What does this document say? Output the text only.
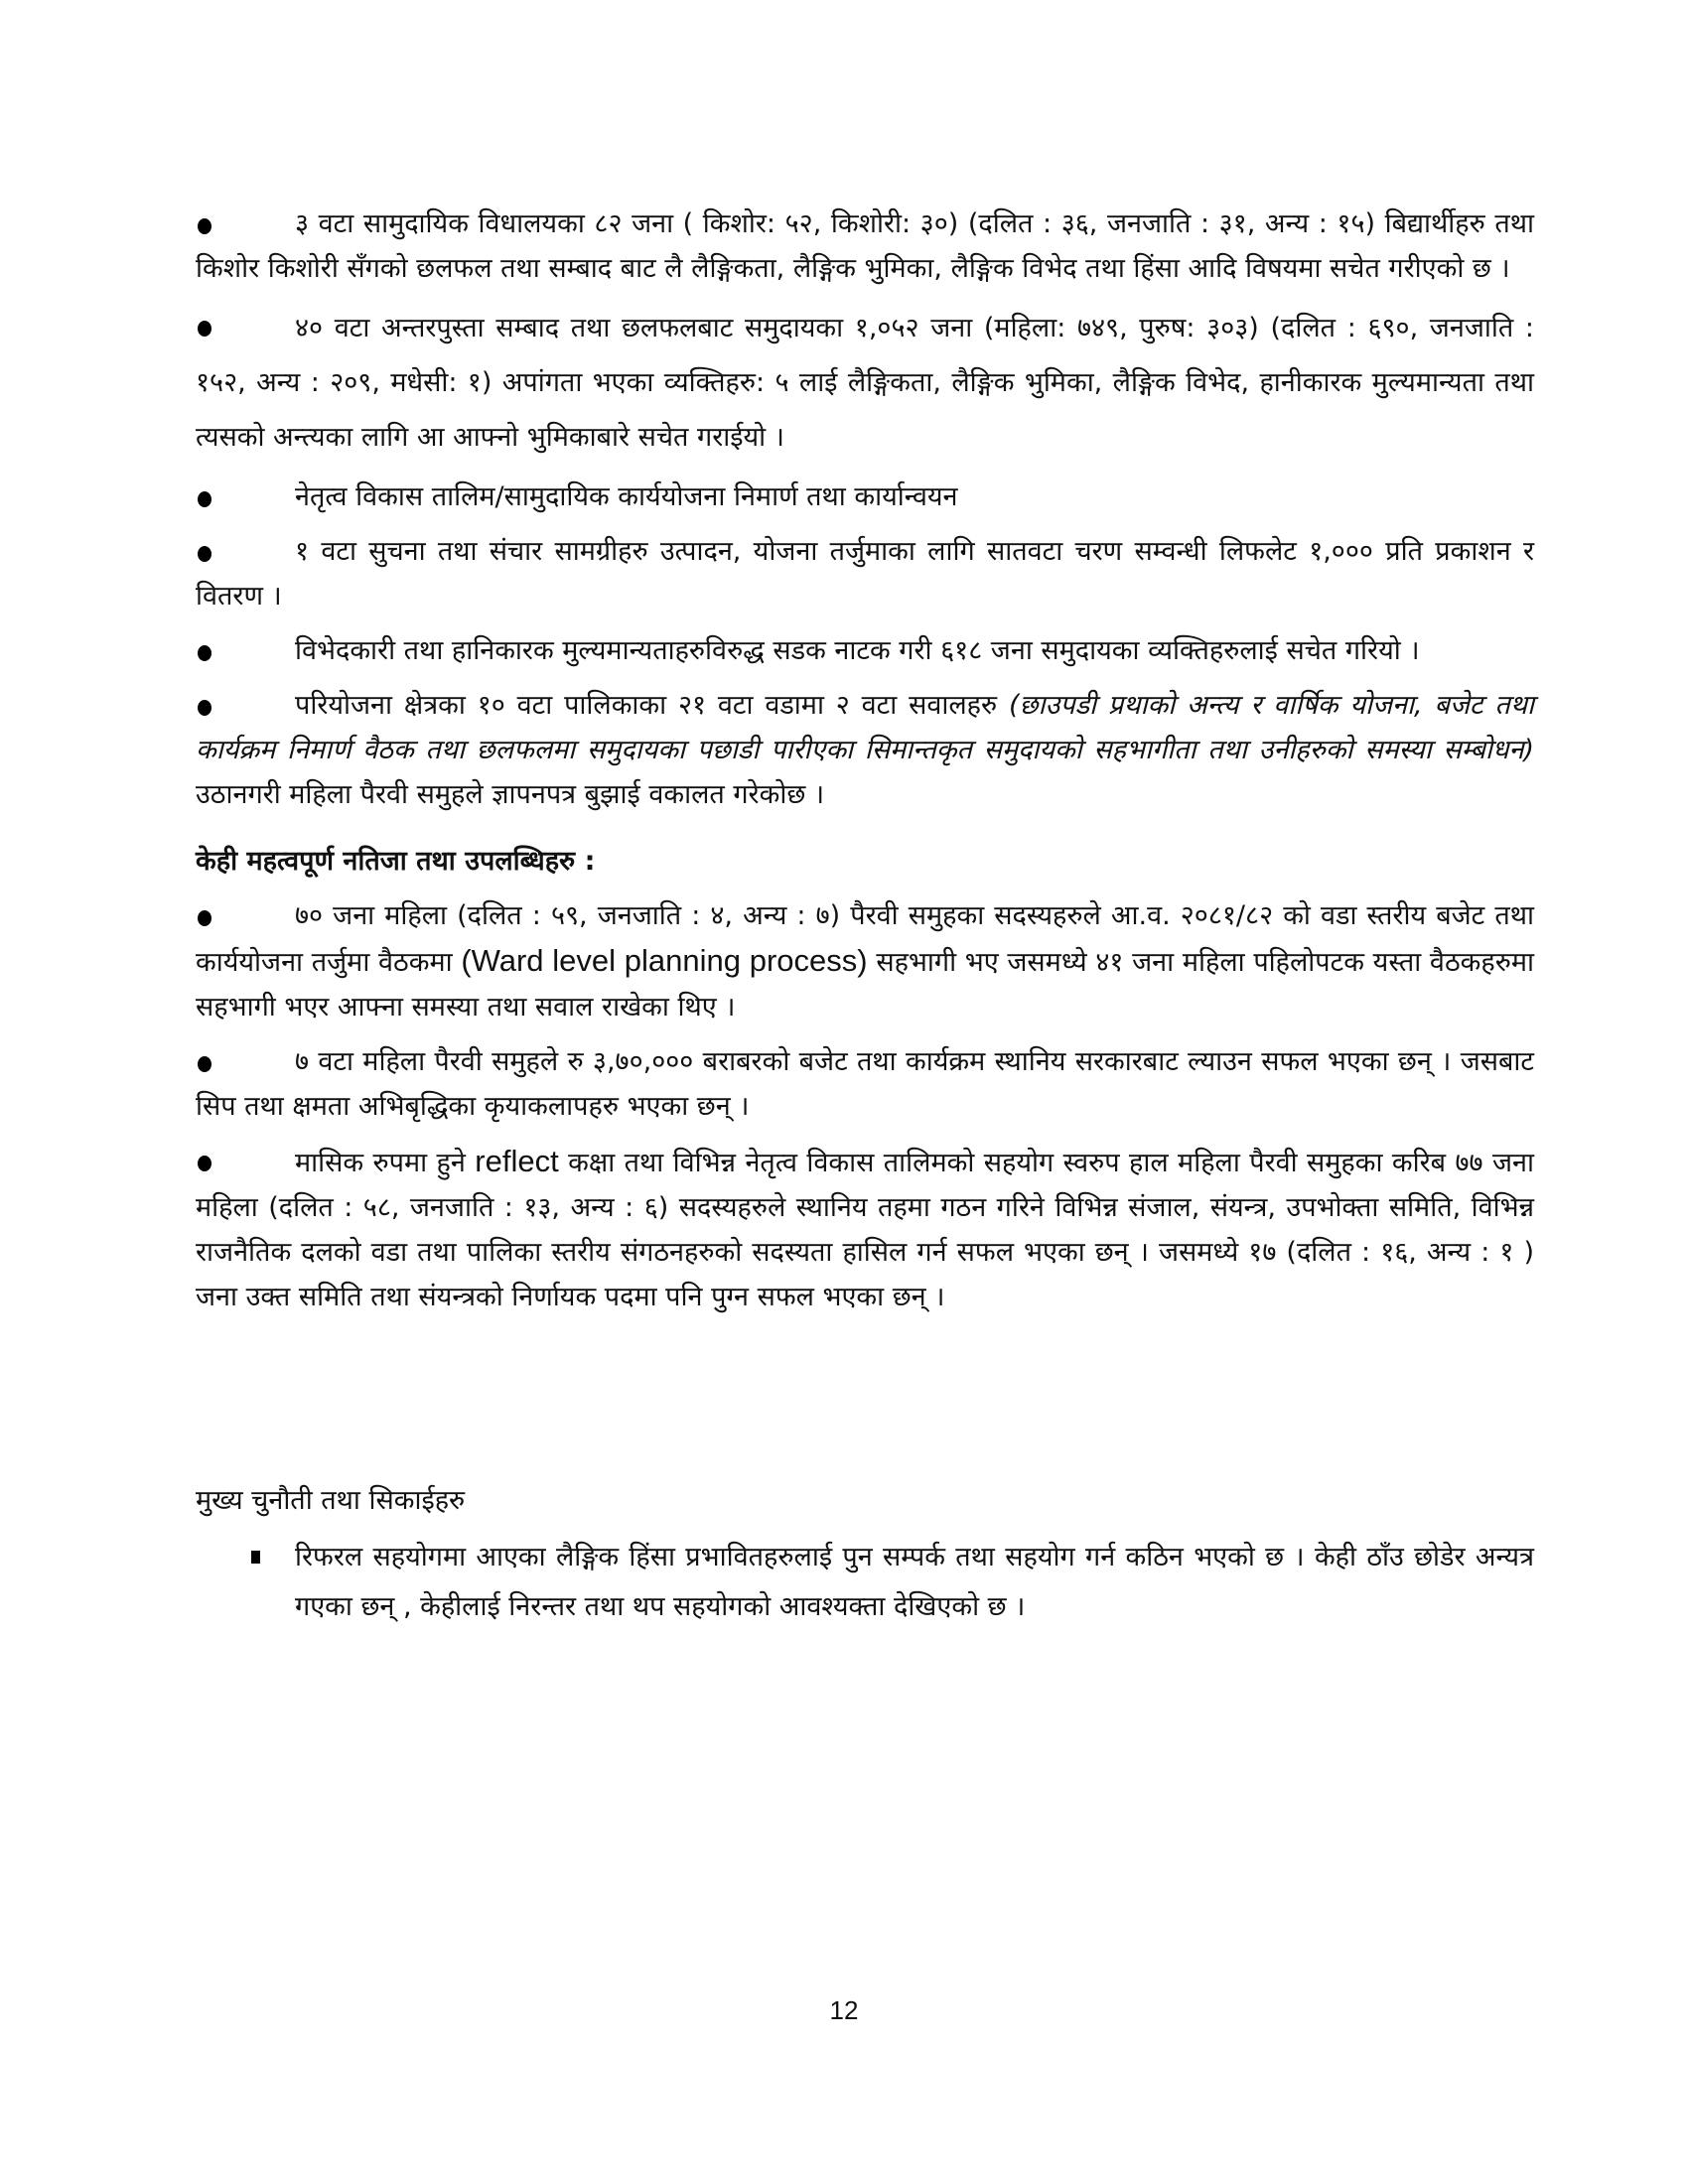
३ वटा सामुदायिक विधालयका ८२ जना ( किशोर: ५२, किशोरी: ३०) (दलित : ३६, जनजाति : ३१, अन्य : १५) बिद्यार्थीहरु तथा किशोर किशोरी सँगको छलफल तथा सम्बाद बाट लै लैङ्गिकता, लैङ्गिक भुमिका, लैङ्गिक विभेद तथा हिंसा आदि विषयमा सचेत गरीएको छ ।

४० वटा अन्तरपुस्ता सम्बाद तथा छलफलबाट समुदायका १,०५२ जना (महिला: ७४९, पुरुष: ३०३) (दलित : ६९०, जनजाति : १५२, अन्य : २०९, मधेसी: १) अपांगता भएका व्यक्तिहरु: ५ लाई लैङ्गिकता, लैङ्गिक भुमिका, लैङ्गिक विभेद, हानीकारक मुल्यमान्यता तथा त्यसको अन्त्यका लागि आ आफ्नो भुमिकाबारे सचेत गराईयो ।

नेतृत्व विकास तालिम/सामुदायिक कार्ययोजना निमार्ण तथा कार्यान्वयन

१ वटा सुचना तथा संचार सामग्रीहरु उत्पादन, योजना तर्जुमाका लागि सातवटा चरण सम्वन्धी लिफलेट १,००० प्रति प्रकाशन र वितरण ।

विभेदकारी तथा हानिकारक मुल्यमान्यताहरुविरुद्ध सडक नाटक गरी ६१८ जना समुदायका व्यक्तिहरुलाई सचेत गरियो ।

परियोजना क्षेत्रका १० वटा पालिकाका २१ वटा वडामा २ वटा सवालहरु (छाउपडी प्रथाको अन्त्य र वार्षिक योजना, बजेट तथा कार्यक्रम निमार्ण वैठक तथा छलफलमा समुदायका पछाडी पारीएका सिमान्तकृत समुदायको सहभागीता तथा उनीहरुको समस्या सम्बोधन) उठानगरी महिला पैरवी समुहले ज्ञापनपत्र बुझाई वकालत गरेकोछ ।

केही महत्वपूर्ण नतिजा तथा उपलब्धिहरु :

७० जना महिला (दलित : ५९, जनजाति : ४, अन्य : ७) पैरवी समुहका सदस्यहरुले आ.व. २०८१/८२ को वडा स्तरीय बजेट तथा कार्ययोजना तर्जुमा वैठकमा (Ward level planning process) सहभागी भए जसमध्ये ४१ जना महिला पहिलोपटक यस्ता वैठकहरुमा सहभागी भएर आफ्ना समस्या तथा सवाल राखेका थिए ।

७ वटा महिला पैरवी समुहले रु ३,७०,००० बराबरको बजेट तथा कार्यक्रम स्थानिय सरकारबाट ल्याउन सफल भएका छन् । जसबाट सिप तथा क्षमता अभिबृद्धिका कृयाकलापहरु भएका छन् ।

मासिक रुपमा हुने reflect कक्षा तथा विभिन्न नेतृत्व विकास तालिमको सहयोग स्वरुप हाल महिला पैरवी समुहका करिब ७७ जना महिला (दलित : ५८, जनजाति : १३, अन्य : ६) सदस्यहरुले स्थानिय तहमा गठन गरिने विभिन्न संजाल, संयन्त्र, उपभोक्ता समिति, विभिन्न राजनैतिक दलको वडा तथा पालिका स्तरीय संगठनहरुको सदस्यता हासिल गर्न सफल भएका छन् । जसमध्ये १७ (दलित : १६, अन्य : १ ) जना उक्त समिति तथा संयन्त्रको निर्णायक पदमा पनि पुग्न सफल भएका छन् ।

मुख्य चुनौती तथा सिकाईहरु

रिफरल सहयोगमा आएका लैङ्गिक हिंसा प्रभावितहरुलाई पुन सम्पर्क तथा सहयोग गर्न कठिन भएको छ । केही ठाँउ छोडेर अन्यत्र गएका छन् , केहीलाई निरन्तर तथा थप सहयोगको आवश्यक्ता देखिएको छ ।

12
